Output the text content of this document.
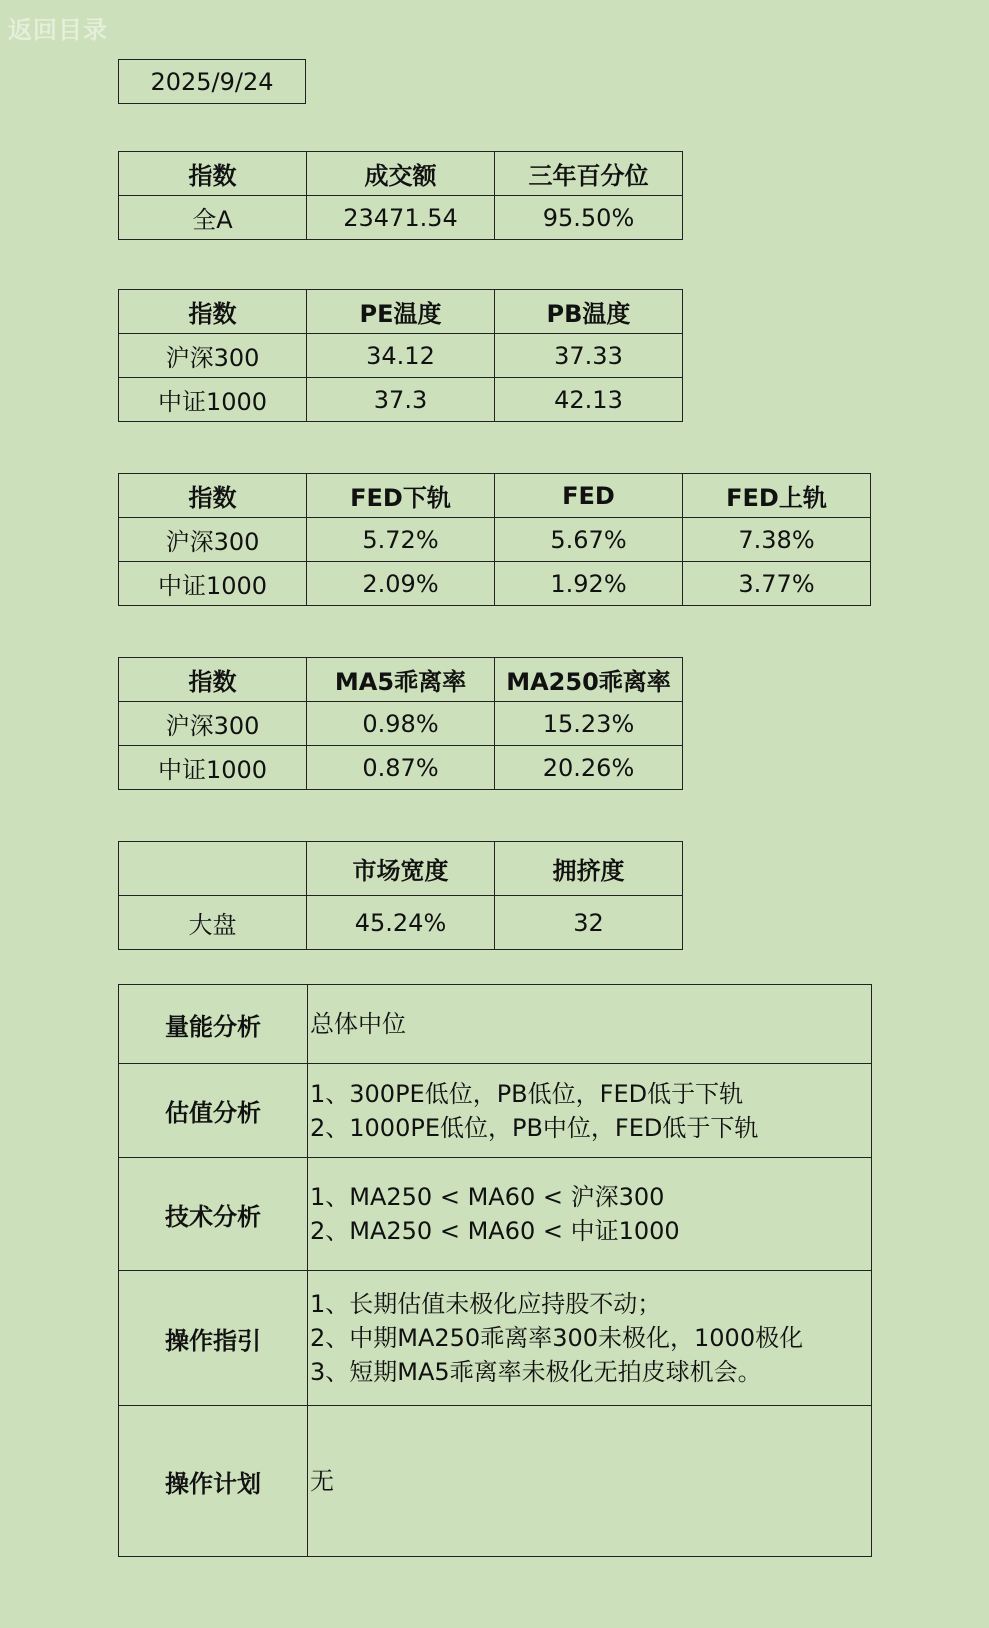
返回目录
2025/9/24
指数	成交额	三年百分位
全A	23471.54	95.50%
指数	PE温度	PB温度
沪深300	34.12	37.33
中证1000	37.3	42.13
指数	FED下轨	FED	FED上轨
沪深300	5.72%	5.67%	7.38%
中证1000	2.09%	1.92%	3.77%
指数	MA5乖离率	MA250乖离率
沪深300	0.98%	15.23%
中证1000	0.87%	20.26%
	市场宽度	拥挤度
大盘	45.24%	32
量能分析	总体中位

估值分析	1、300PE低位，PB低位，FED低于下轨
2、1000PE低位，PB中位，FED低于下轨

技术分析	1、MA250 < MA60 < 沪深300
2、MA250 < MA60 < 中证1000

操作指引	1、长期估值未极化应持股不动；
2、中期MA250乖离率300未极化，1000极化
3、短期MA5乖离率未极化无拍皮球机会。

操作计划	无
